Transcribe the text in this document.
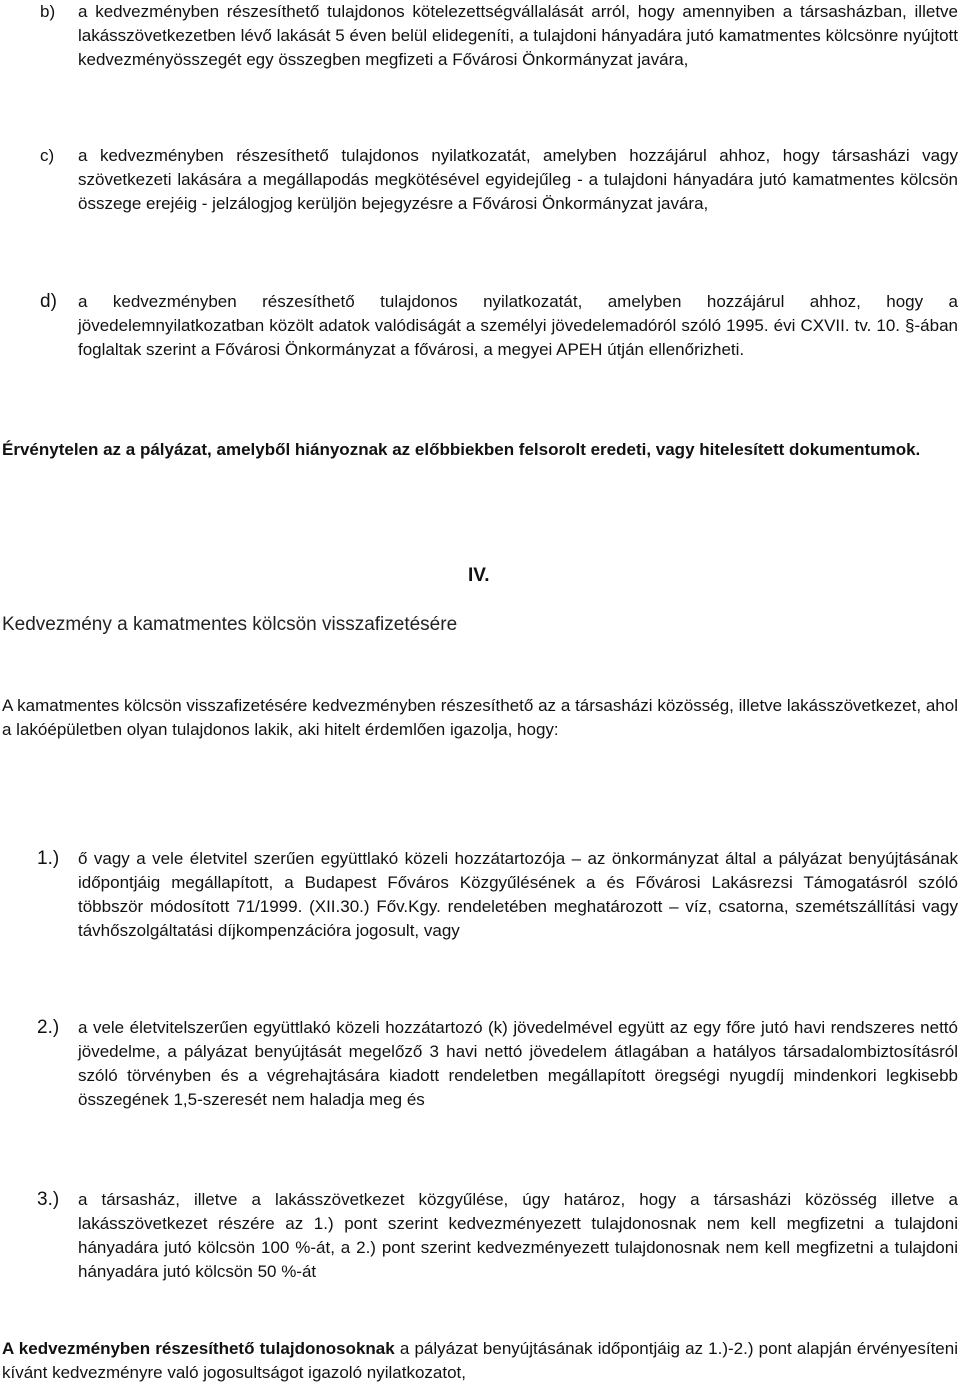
b) a kedvezményben részesíthető tulajdonos kötelezettségvállalását arról, hogy amennyiben a társasházban, illetve lakásszövetkezetben lévő lakását 5 éven belül elidegeníti, a tulajdoni hányadára jutó kamatmentes kölcsönre nyújtott kedvezményösszegét egy összegben megfizeti a Fővárosi Önkormányzat javára,
c) a kedvezményben részesíthető tulajdonos nyilatkozatát, amelyben hozzájárul ahhoz, hogy társasházi vagy szövetkezeti lakására a megállapodás megkötésével egyidejűleg - a tulajdoni hányadára jutó kamatmentes kölcsön összege erejéig - jelzálogjog kerüljön bejegyzésre a Fővárosi Önkormányzat javára,
d) a kedvezményben részesíthető tulajdonos nyilatkozatát, amelyben hozzájárul ahhoz, hogy a jövedelemnyilatkozatban közölt adatok valódiságát a személyi jövedelemadóról szóló 1995. évi CXVII. tv. 10. §-ában foglaltak szerint a Fővárosi Önkormányzat a fővárosi, a megyei APEH útján ellenőrizheti.
Érvénytelen az a pályázat, amelyből hiányoznak az előbbiekben felsorolt eredeti, vagy hitelesített dokumentumok.
IV.
Kedvezmény a kamatmentes kölcsön visszafizetésére
A kamatmentes kölcsön visszafizetésére kedvezményben részesíthető az a társasházi közösség, illetve lakásszövetkezet, ahol a lakóépületben olyan tulajdonos lakik, aki hitelt érdemlően igazolja, hogy:
1.) ő vagy a vele életvitel szerűen együttlakó közeli hozzátartozója – az önkormányzat által a pályázat benyújtásának időpontjáig megállapított, a Budapest Főváros Közgyűlésének a és Fővárosi Lakásrezsi Támogatásról szóló többször módosított 71/1999. (XII.30.) Főv.Kgy. rendeletében meghatározott – víz, csatorna, szemétszállítási vagy távhőszolgáltatási díjkompenzációra jogosult, vagy
2.) a vele életvitelszerűen együttlakó közeli hozzátartozó (k) jövedelmével együtt az egy főre jutó havi rendszeres nettó jövedelme, a pályázat benyújtását megelőző 3 havi nettó jövedelem átlagában a hatályos társadalombiztosításról szóló törvényben és a végrehajtására kiadott rendeletben megállapított öregségi nyugdíj mindenkori legkisebb összegének 1,5-szeresét nem haladja meg és
3.) a társasház, illetve a lakásszövetkezet közgyűlése, úgy határoz, hogy a társasházi közösség illetve a lakásszövetkezet részére az 1.) pont szerint kedvezményezett tulajdonosnak nem kell megfizetni a tulajdoni hányadára jutó kölcsön 100 %-át, a 2.) pont szerint kedvezményezett tulajdonosnak nem kell megfizetni a tulajdoni hányadára jutó kölcsön 50 %-át
A kedvezményben részesíthető tulajdonosoknak a pályázat benyújtásának időpontjáig az 1.)-2.) pont alapján érvényesíteni kívánt kedvezményre való jogosultságot igazoló nyilatkozatot,
